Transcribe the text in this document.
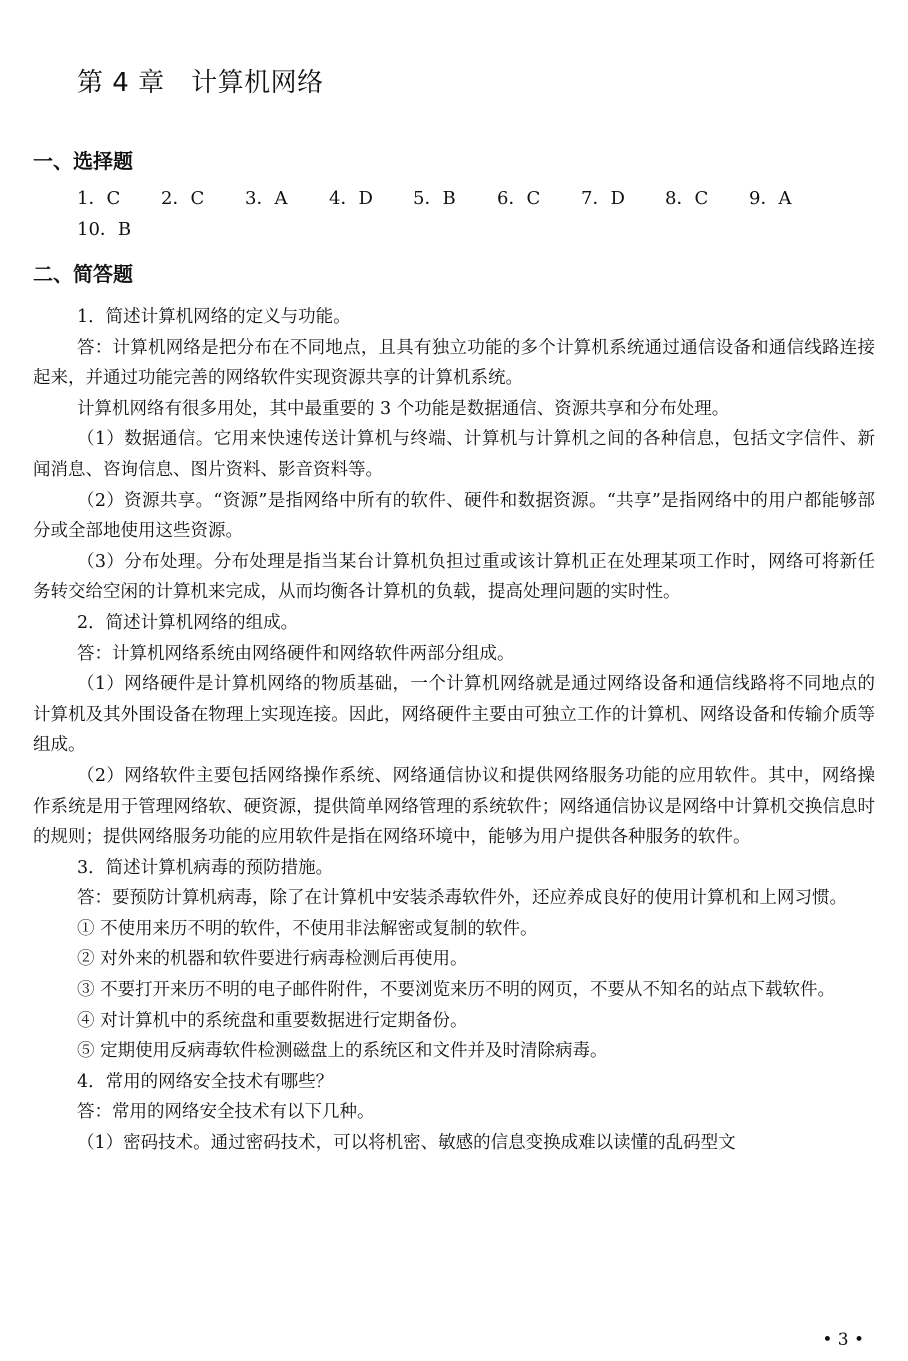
第 4 章　计算机网络
一、选择题
1．C 2．C 3．A 4．D 5．B 6．C 7．D 8．C 9．A
10．B
二、简答题

1．简述计算机网络的定义与功能。

答：计算机网络是把分布在不同地点，且具有独立功能的多个计算机系统通过通信设备和通信线路连接起来，并通过功能完善的网络软件实现资源共享的计算机系统。

计算机网络有很多用处，其中最重要的 3 个功能是数据通信、资源共享和分布处理。

（1）数据通信。它用来快速传送计算机与终端、计算机与计算机之间的各种信息，包括文字信件、新闻消息、咨询信息、图片资料、影音资料等。

（2）资源共享。“资源”是指网络中所有的软件、硬件和数据资源。“共享”是指网络中的用户都能够部分或全部地使用这些资源。

（3）分布处理。分布处理是指当某台计算机负担过重或该计算机正在处理某项工作时，网络可将新任务转交给空闲的计算机来完成，从而均衡各计算机的负载，提高处理问题的实时性。

2．简述计算机网络的组成。

答：计算机网络系统由网络硬件和网络软件两部分组成。

（1）网络硬件是计算机网络的物质基础，一个计算机网络就是通过网络设备和通信线路将不同地点的计算机及其外围设备在物理上实现连接。因此，网络硬件主要由可独立工作的计算机、网络设备和传输介质等组成。

（2）网络软件主要包括网络操作系统、网络通信协议和提供网络服务功能的应用软件。其中，网络操作系统是用于管理网络软、硬资源，提供简单网络管理的系统软件；网络通信协议是网络中计算机交换信息时的规则；提供网络服务功能的应用软件是指在网络环境中，能够为用户提供各种服务的软件。

3．简述计算机病毒的预防措施。

答：要预防计算机病毒，除了在计算机中安装杀毒软件外，还应养成良好的使用计算机和上网习惯。

① 不使用来历不明的软件，不使用非法解密或复制的软件。

② 对外来的机器和软件要进行病毒检测后再使用。

③ 不要打开来历不明的电子邮件附件，不要浏览来历不明的网页，不要从不知名的站点下载软件。

④ 对计算机中的系统盘和重要数据进行定期备份。

⑤ 定期使用反病毒软件检测磁盘上的系统区和文件并及时清除病毒。

4．常用的网络安全技术有哪些？

答：常用的网络安全技术有以下几种。

（1）密码技术。通过密码技术，可以将机密、敏感的信息变换成难以读懂的乱码型文

• 3 •
